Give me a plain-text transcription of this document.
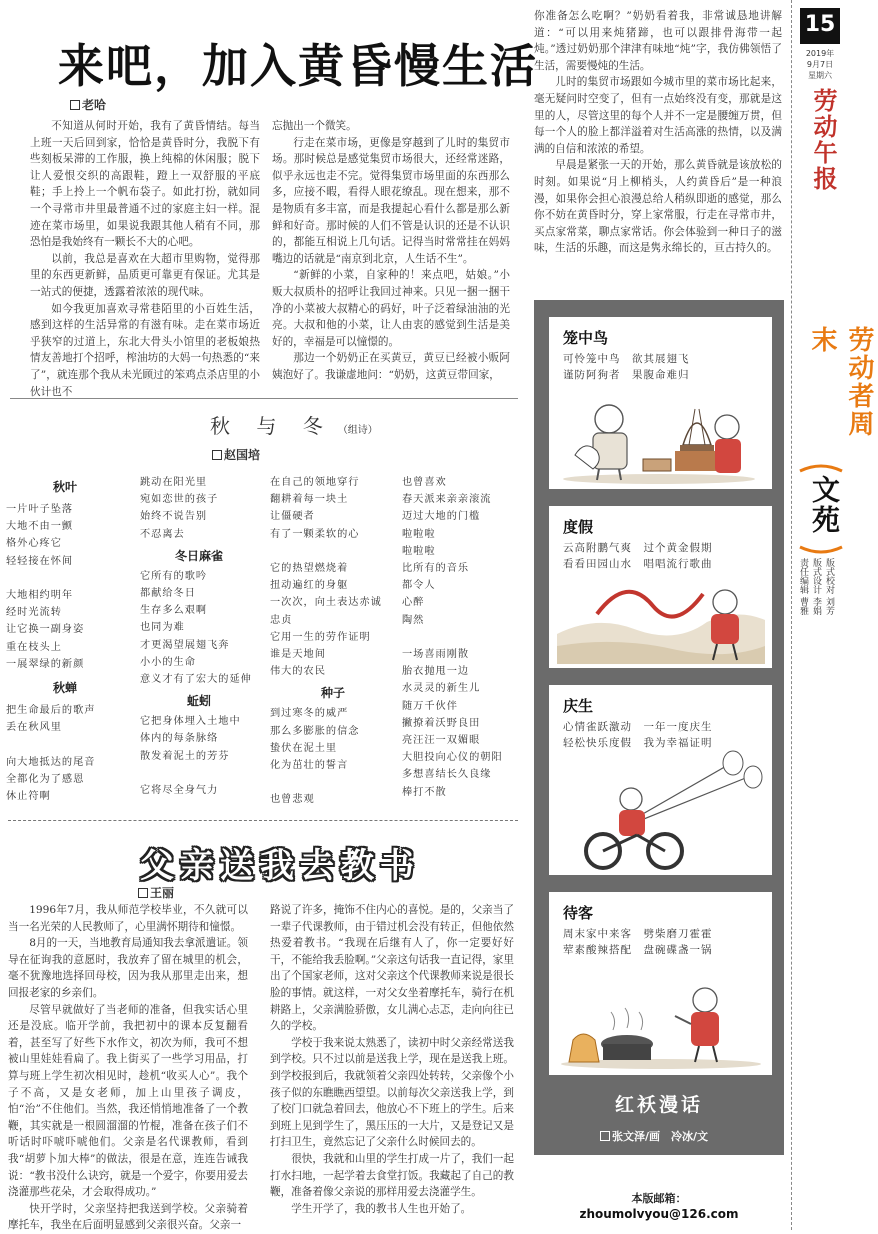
来吧，加入黄昏慢生活
老哈

不知道从何时开始，我有了黄昏情结。每当上班一天后回到家，恰恰是黄昏时分，我脱下有些刻板呆滞的工作服，换上纯棉的休闲服；脱下让人爱恨交织的高跟鞋，蹬上一双舒服的平底鞋；手上拎上一个帆布袋子。如此打扮，就如同一个寻常市井里最普通不过的家庭主妇一样。混迹在菜市场里，如果说我跟其他人稍有不同，那恐怕是我始终有一颗长不大的心吧。

以前，我总是喜欢在大超市里购物，觉得那里的东西更新鲜，品质更可靠更有保证。尤其是一站式的便捷，透露着浓浓的现代味。

如今我更加喜欢寻常巷陌里的小百姓生活，感到这样的生活异常的有滋有味。走在菜市场近乎狭窄的过道上，东北大骨头小馆里的老板娘热情友善地打个招呼，榨油坊的大妈一句热悉的“来了”，就连那个我从未光顾过的笨鸡点杀店里的小伙计也不

忘抛出一个微笑。

行走在菜市场，更像是穿越到了儿时的集贸市场。那时候总是感觉集贸市场很大，还经常迷路，似乎永远也走不完。觉得集贸市场里面的东西那么多，应接不暇，看得人眼花缭乱。现在想来，那不是物质有多丰富，而是我提起心看什么都是那么新鲜和好奇。那时候的人们不管是认识的还是不认识的，都能互相说上几句话。记得当时常常挂在妈妈嘴边的话就是“南京到北京，人生话不生”。

“新鲜的小菜，自家种的！来点吧，姑娘。”小贩大叔质朴的招呼让我回过神来。只见一捆一捆干净的小菜被大叔精心的码好，叶子泛着绿油油的光亮。大叔和他的小菜，让人由衷的感觉到生活是美好的，幸福是可以憧憬的。

那边一个奶奶正在买黄豆，黄豆已经被小贩阿姨泡好了。我谦虚地问：“奶奶，这黄豆带回家，

你准备怎么吃啊？”奶奶看着我，非常诚恳地讲解道：“可以用来炖猪蹄，也可以跟排骨海带一起炖。”透过奶奶那个津津有味地“炖”字，我仿佛领悟了生活，需要慢炖的生活。

儿时的集贸市场跟如今城市里的菜市场比起来，毫无疑问时空变了，但有一点始终没有变，那就是这里的人，尽管这里的每个人并不一定是腰缠万贯，但每一个人的脸上都洋溢着对生活高涨的热情，以及满满的自信和浓浓的希望。

早晨是紧张一天的开始，那么黄昏就是该放松的时刻。如果说“月上柳梢头，人约黄昏后”是一种浪漫，如果你会担心浪漫总给人稍纵即逝的感觉，那么你不妨在黄昏时分，穿上家常服，行走在寻常市井，买点家常菜，聊点家常话。你会体验到一种日子的滋味，生活的乐趣，而这是隽永绵长的，亘古持久的。

秋 与 冬 （组诗）
赵国培
秋叶
一片叶子坠落
大地不由一颤
格外心疼它
轻轻接在怀间

大地相约明年
经时光流转
让它换一副身姿
重在枝头上
一展翠绿的新颜
秋蝉
把生命最后的歌声
丢在秋风里

向大地抵达的尾音
全都化为了感恩
休止符啊
跳动在阳光里
宛如恋世的孩子
始终不说告别
不忍离去
冬日麻雀
它所有的歌吟
都献给冬日
生存多么艰啊
也同为难
才更渴望展翅飞奔
小小的生命
意义才有了宏大的延伸
蚯蚓
它把身体埋入土地中
体内的每条脉络
散发着泥土的芳芬

它将尽全身气力
在自己的领地穿行
翻耕着每一块土
让僵硬者
有了一颗柔软的心

它的热望燃烧着
扭动遍红的身躯
一次次，向土表达赤诚
忠贞
它用一生的劳作证明
谁是天地间
伟大的农民
种子
到过寒冬的威严
那么多膨胀的信念
蛰伏在泥土里
化为茁壮的誓言

也曾悲观
也曾喜欢
春天派来亲亲滚流
迈过大地的门槛
啦啦啦
啦啦啦
比所有的音乐
都令人
心醉
陶然

一场喜雨刚散
胎衣抛甩一边
水灵灵的新生儿
随万千伙伴
撇撩着沃野良田
亮汪汪一双媚眼
大胆投向心仪的朝阳
多想喜结长久良缘
棒打不散
父亲送我去教书
王丽

1996年7月，我从师范学校毕业，不久就可以当一名光荣的人民教师了，心里满怀期待和憧憬。

8月的一天，当地教育局通知我去拿派遣证。领导在征询我的意愿时，我放弃了留在城里的机会，毫不犹豫地选择回母校，因为我从那里走出来，想回报老家的乡亲们。

尽管早就做好了当老师的准备，但我实话心里还是没底。临开学前，我把初中的课本反复翻看着，甚至写了好些下水作文，初次为师，我可不想被山里娃娃看扁了。我上街买了一些学习用品，打算与班上学生初次相见时，趁机“收买人心”。我个子不高，又是女老师，加上山里孩子调皮，怕“治”不住他们。当然，我还悄悄地准备了一个教鞭，其实就是一根圆溜溜的竹棍，准备在孩子们不听话时吓唬吓唬他们。父亲是名代课教师，看到我“胡萝卜加大棒”的做法，很是在意，连连告诫我说：“教书没什么诀窍，就是一个爱字，你要用爱去浇灌那些花朵，才会取得成功。”

快开学时，父亲坚持把我送到学校。父亲骑着摩托车，我坐在后面明显感到父亲很兴奋。父亲一

路说了许多，掩饰不住内心的喜悦。是的，父亲当了一辈子代课教师，由于错过机会没有转正，但他依然热爱着教书。“我现在后继有人了，你一定要好好干，不能给我丢脸啊。”父亲这句话我一直记得，家里出了个国家老师，这对父亲这个代课教师来说是很长脸的事情。就这样，一对父女坐着摩托车，骑行在机耕路上，父亲满脸骄傲，女儿满心忐忑，走向向往已久的学校。

学校于我来说太熟悉了，读初中时父亲经常送我到学校。只不过以前是送我上学，现在是送我上班。到学校报到后，我就领着父亲四处转转，父亲像个小孩子似的东瞧瞧西望望。以前每次父亲送我上学，到了校门口就急着回去，他放心不下班上的学生。后来到班上见到学生了，黑压压的一大片，又是登记又是打扫卫生，竟然忘记了父亲什么时候回去的。

很快，我就和山里的学生打成一片了，我们一起打水扫地，一起学着去食堂打饭。我藏起了自己的教鞭，准备着像父亲说的那样用爱去浇灌学生。

学生开学了，我的教书人生也开始了。

笼中鸟
可怜笼中鸟　欲其展翅飞
谨防阿狗者　果腹命难归
度假
云高附鹏气爽　过个黄金假期
看看田园山水　唱唱流行歌曲
庆生
心情雀跃激动　一年一度庆生
轻松快乐度假　我为幸福证明
待客
周末家中来客　劈柴磨刀霍霍
荤素酸辣搭配　盘碗碟盏一锅
红袄漫话
张文泽/画　冷冰/文
本版邮箱：
zhoumolvyou@126.com
15
2019年
9月7日
星期六
劳动午报
劳动者周末
文苑
责任编辑 曹雅 版式设计 李娟 版式校对 刘芳
